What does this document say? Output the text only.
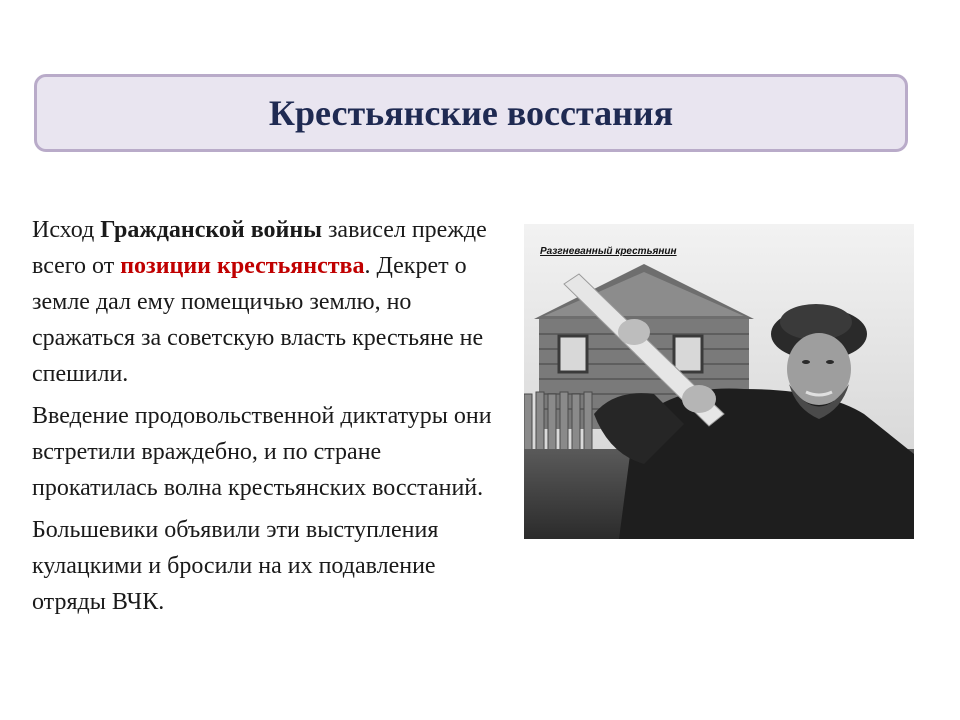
Крестьянские восстания

Исход Гражданской войны зависел прежде всего от позиции крестьянства. Декрет о земле дал ему помещичью землю, но сражаться за советскую власть крестьяне не спешили.

Введение продовольственной диктатуры они встретили враждебно, и по стране прокатилась волна крестьянских восстаний.

Большевики объявили эти выступления кулацкими и бросили на их подавление отряды ВЧК.

Разгневанный крестьянин
